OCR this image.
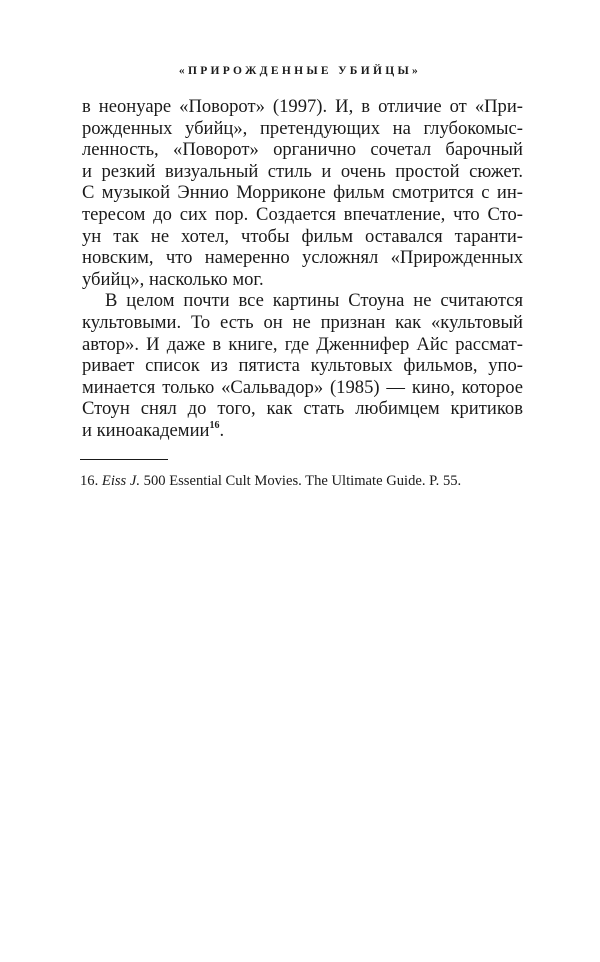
«ПРИРОЖДЕННЫЕ УБИЙЦЫ»
в неонуаре «Поворот» (1997). И, в отличие от «При-
рожденных убийц», претендующих на глубокомыс-
ленность, «Поворот» органично сочетал барочный
и резкий визуальный стиль и очень простой сюжет.
С музыкой Эннио Морриконе фильм смотрится с ин-
тересом до сих пор. Создается впечатление, что Сто-
ун так не хотел, чтобы фильм оставался таранти-
новским, что намеренно усложнял «Прирожденных
убийц», насколько мог.
В целом почти все картины Стоуна не считаются
культовыми. То есть он не признан как «культовый
автор». И даже в книге, где Дженнифер Айс рассмат-
ривает список из пятиста культовых фильмов, упо-
минается только «Сальвадор» (1985) — кино, которое
Стоун снял до того, как стать любимцем критиков
и киноакадемии$^{16}$.
16. Eiss J. 500 Essential Cult Movies. The Ultimate Guide. P. 55.
